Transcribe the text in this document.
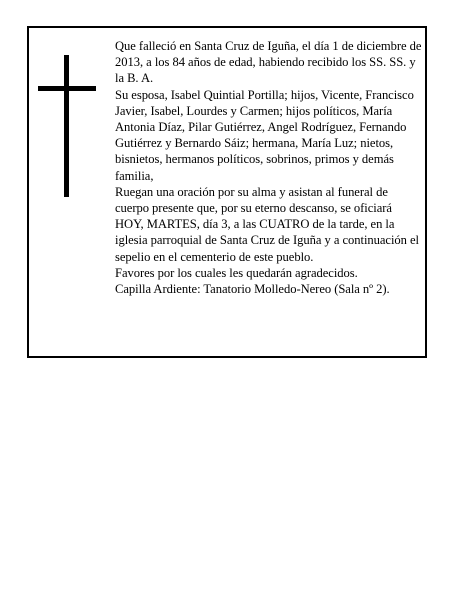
Que falleció en Santa Cruz de Iguña, el día 1 de diciembre de 2013, a los 84 años de edad, habiendo recibido los SS. SS. y la B. A.

Su esposa, Isabel Quintial Portilla; hijos, Vicente, Francisco Javier, Isabel, Lourdes y Carmen; hijos políticos, María Antonia Díaz, Pilar Gutiérrez, Angel Rodríguez, Fernando Gutiérrez y Bernardo Sáiz; hermana, María Luz; nietos, bisnietos, hermanos políticos, sobrinos, primos y demás familia,

Ruegan una oración por su alma y asistan al funeral de cuerpo presente que, por su eterno descanso, se oficiará HOY, MARTES, día 3, a las CUATRO de la tarde, en la iglesia parroquial de Santa Cruz de Iguña y a continuación el sepelio en el cementerio de este pueblo.

Favores por los cuales les quedarán agradecidos.

Capilla Ardiente: Tanatorio Molledo-Nereo (Sala nº 2).
